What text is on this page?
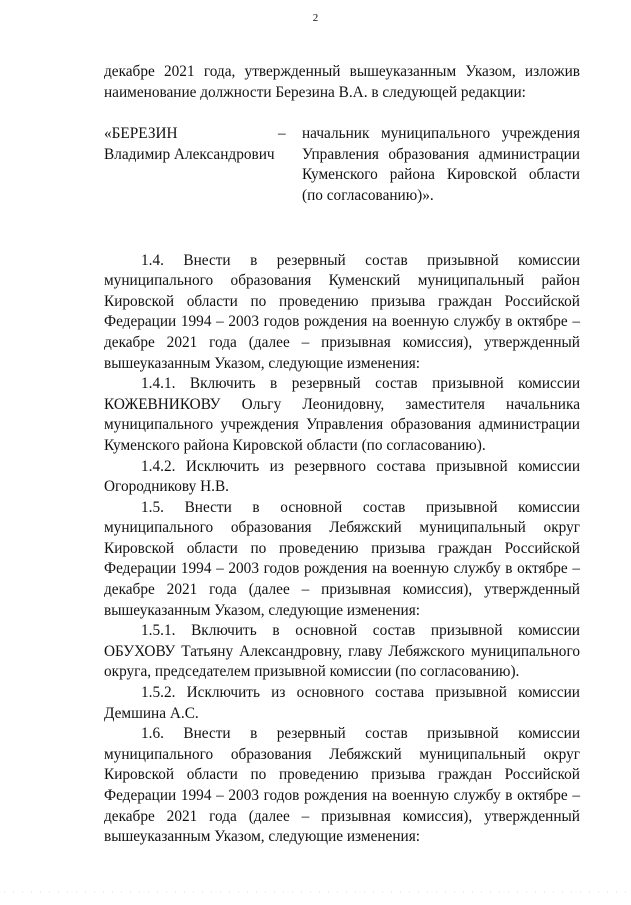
2

декабре 2021 года, утвержденный вышеуказанным Указом, изложив наименование должности Березина В.А. в следующей редакции:

«БЕРЕЗИН
Владимир Александрович
–	начальник муниципального учреждения Управления образования администрации Куменского района Кировской области (по согласованию)».

1.4. Внести в резервный состав призывной комиссии муниципального образования Куменский муниципальный район Кировской области по проведению призыва граждан Российской Федерации 1994 – 2003 годов рождения на военную службу в октябре – декабре 2021 года (далее – призывная комиссия), утвержденный вышеуказанным Указом, следующие изменения:

1.4.1. Включить в резервный состав призывной комиссии КОЖЕВНИКОВУ Ольгу Леонидовну, заместителя начальника муниципального учреждения Управления образования администрации Куменского района Кировской области (по согласованию).

1.4.2. Исключить из резервного состава призывной комиссии Огородникову Н.В.

1.5. Внести в основной состав призывной комиссии муниципального образования Лебяжский муниципальный округ Кировской области по проведению призыва граждан Российской Федерации 1994 – 2003 годов рождения на военную службу в октябре – декабре 2021 года (далее – призывная комиссия), утвержденный вышеуказанным Указом, следующие изменения:

1.5.1. Включить в основной состав призывной комиссии ОБУХОВУ Татьяну Александровну, главу Лебяжского муниципального округа, председателем призывной комиссии (по согласованию).

1.5.2. Исключить из основного состава призывной комиссии Демшина А.С.

1.6. Внести в резервный состав призывной комиссии муниципального образования Лебяжский муниципальный округ Кировской области по проведению призыва граждан Российской Федерации 1994 – 2003 годов рождения на военную службу в октябре – декабре 2021 года (далее – призывная комиссия), утвержденный вышеуказанным Указом, следующие изменения:
